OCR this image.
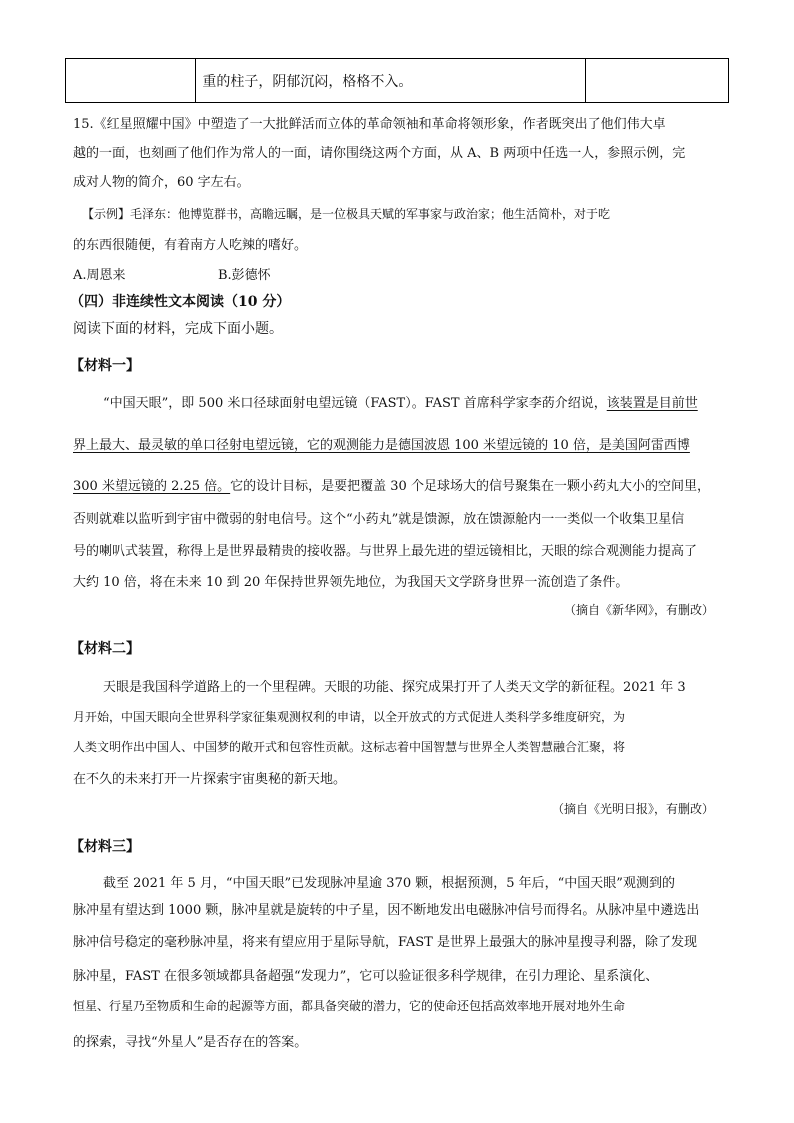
	重的柱子，阴郁沉闷，格格不入。	
15.《红星照耀中国》中塑造了一大批鲜活而立体的革命领袖和革命将领形象，作者既突出了他们伟大卓
越的一面，也刻画了他们作为常人的一面，请你围绕这两个方面，从 A、B 两项中任选一人，参照示例，完
成对人物的简介，60 字左右。
【示例】毛泽东：他博览群书，高瞻远瞩，是一位极具天赋的军事家与政治家；他生活简朴，对于吃
的东西很随便，有着南方人吃辣的嗜好。
A.周恩来	B.彭德怀
（四）非连续性文本阅读（10 分）
阅读下面的材料，完成下面小题。
【材料一】
“中国天眼”，即 500 米口径球面射电望远镜（FAST）。FAST 首席科学家李菂介绍说，该装置是目前世
界上最大、最灵敏的单口径射电望远镜，它的观测能力是德国波恩 100 米望远镜的 10 倍，是美国阿雷西博
300 米望远镜的 2.25 倍。它的设计目标，是要把覆盖 30 个足球场大的信号聚集在一颗小药丸大小的空间里，
否则就难以监听到宇宙中微弱的射电信号。这个“小药丸”就是馈源，放在馈源舱内一一类似一个收集卫星信
号的喇叭式装置，称得上是世界最精贵的接收器。与世界上最先进的望远镜相比，天眼的综合观测能力提高了
大约 10 倍，将在未来 10 到 20 年保持世界领先地位，为我国天文学跻身世界一流创造了条件。
（摘自《新华网》，有删改）
【材料二】
天眼是我国科学道路上的一个里程碑。天眼的功能、探究成果打开了人类天文学的新征程。2021 年 3
月开始，中国天眼向全世界科学家征集观测权利的申请，以全开放式的方式促进人类科学多维度研究，为
人类文明作出中国人、中国梦的敞开式和包容性贡献。这标志着中国智慧与世界全人类智慧融合汇聚，将
在不久的未来打开一片探索宇宙奥秘的新天地。
（摘自《光明日报》，有删改）
【材料三】
截至 2021 年 5 月，“中国天眼”已发现脉冲星逾 370 颗，根据预测，5 年后，“中国天眼”观测到的
脉冲星有望达到 1000 颗，脉冲星就是旋转的中子星，因不断地发出电磁脉冲信号而得名。从脉冲星中遴选出
脉冲信号稳定的毫秒脉冲星，将来有望应用于星际导航，FAST 是世界上最强大的脉冲星搜寻利器，除了发现
脉冲星，FAST 在很多领域都具备超强“发现力”，它可以验证很多科学规律，在引力理论、星系演化、
恒星、行星乃至物质和生命的起源等方面，都具备突破的潜力，它的使命还包括高效率地开展对地外生命
的探索，寻找“外星人”是否存在的答案。
